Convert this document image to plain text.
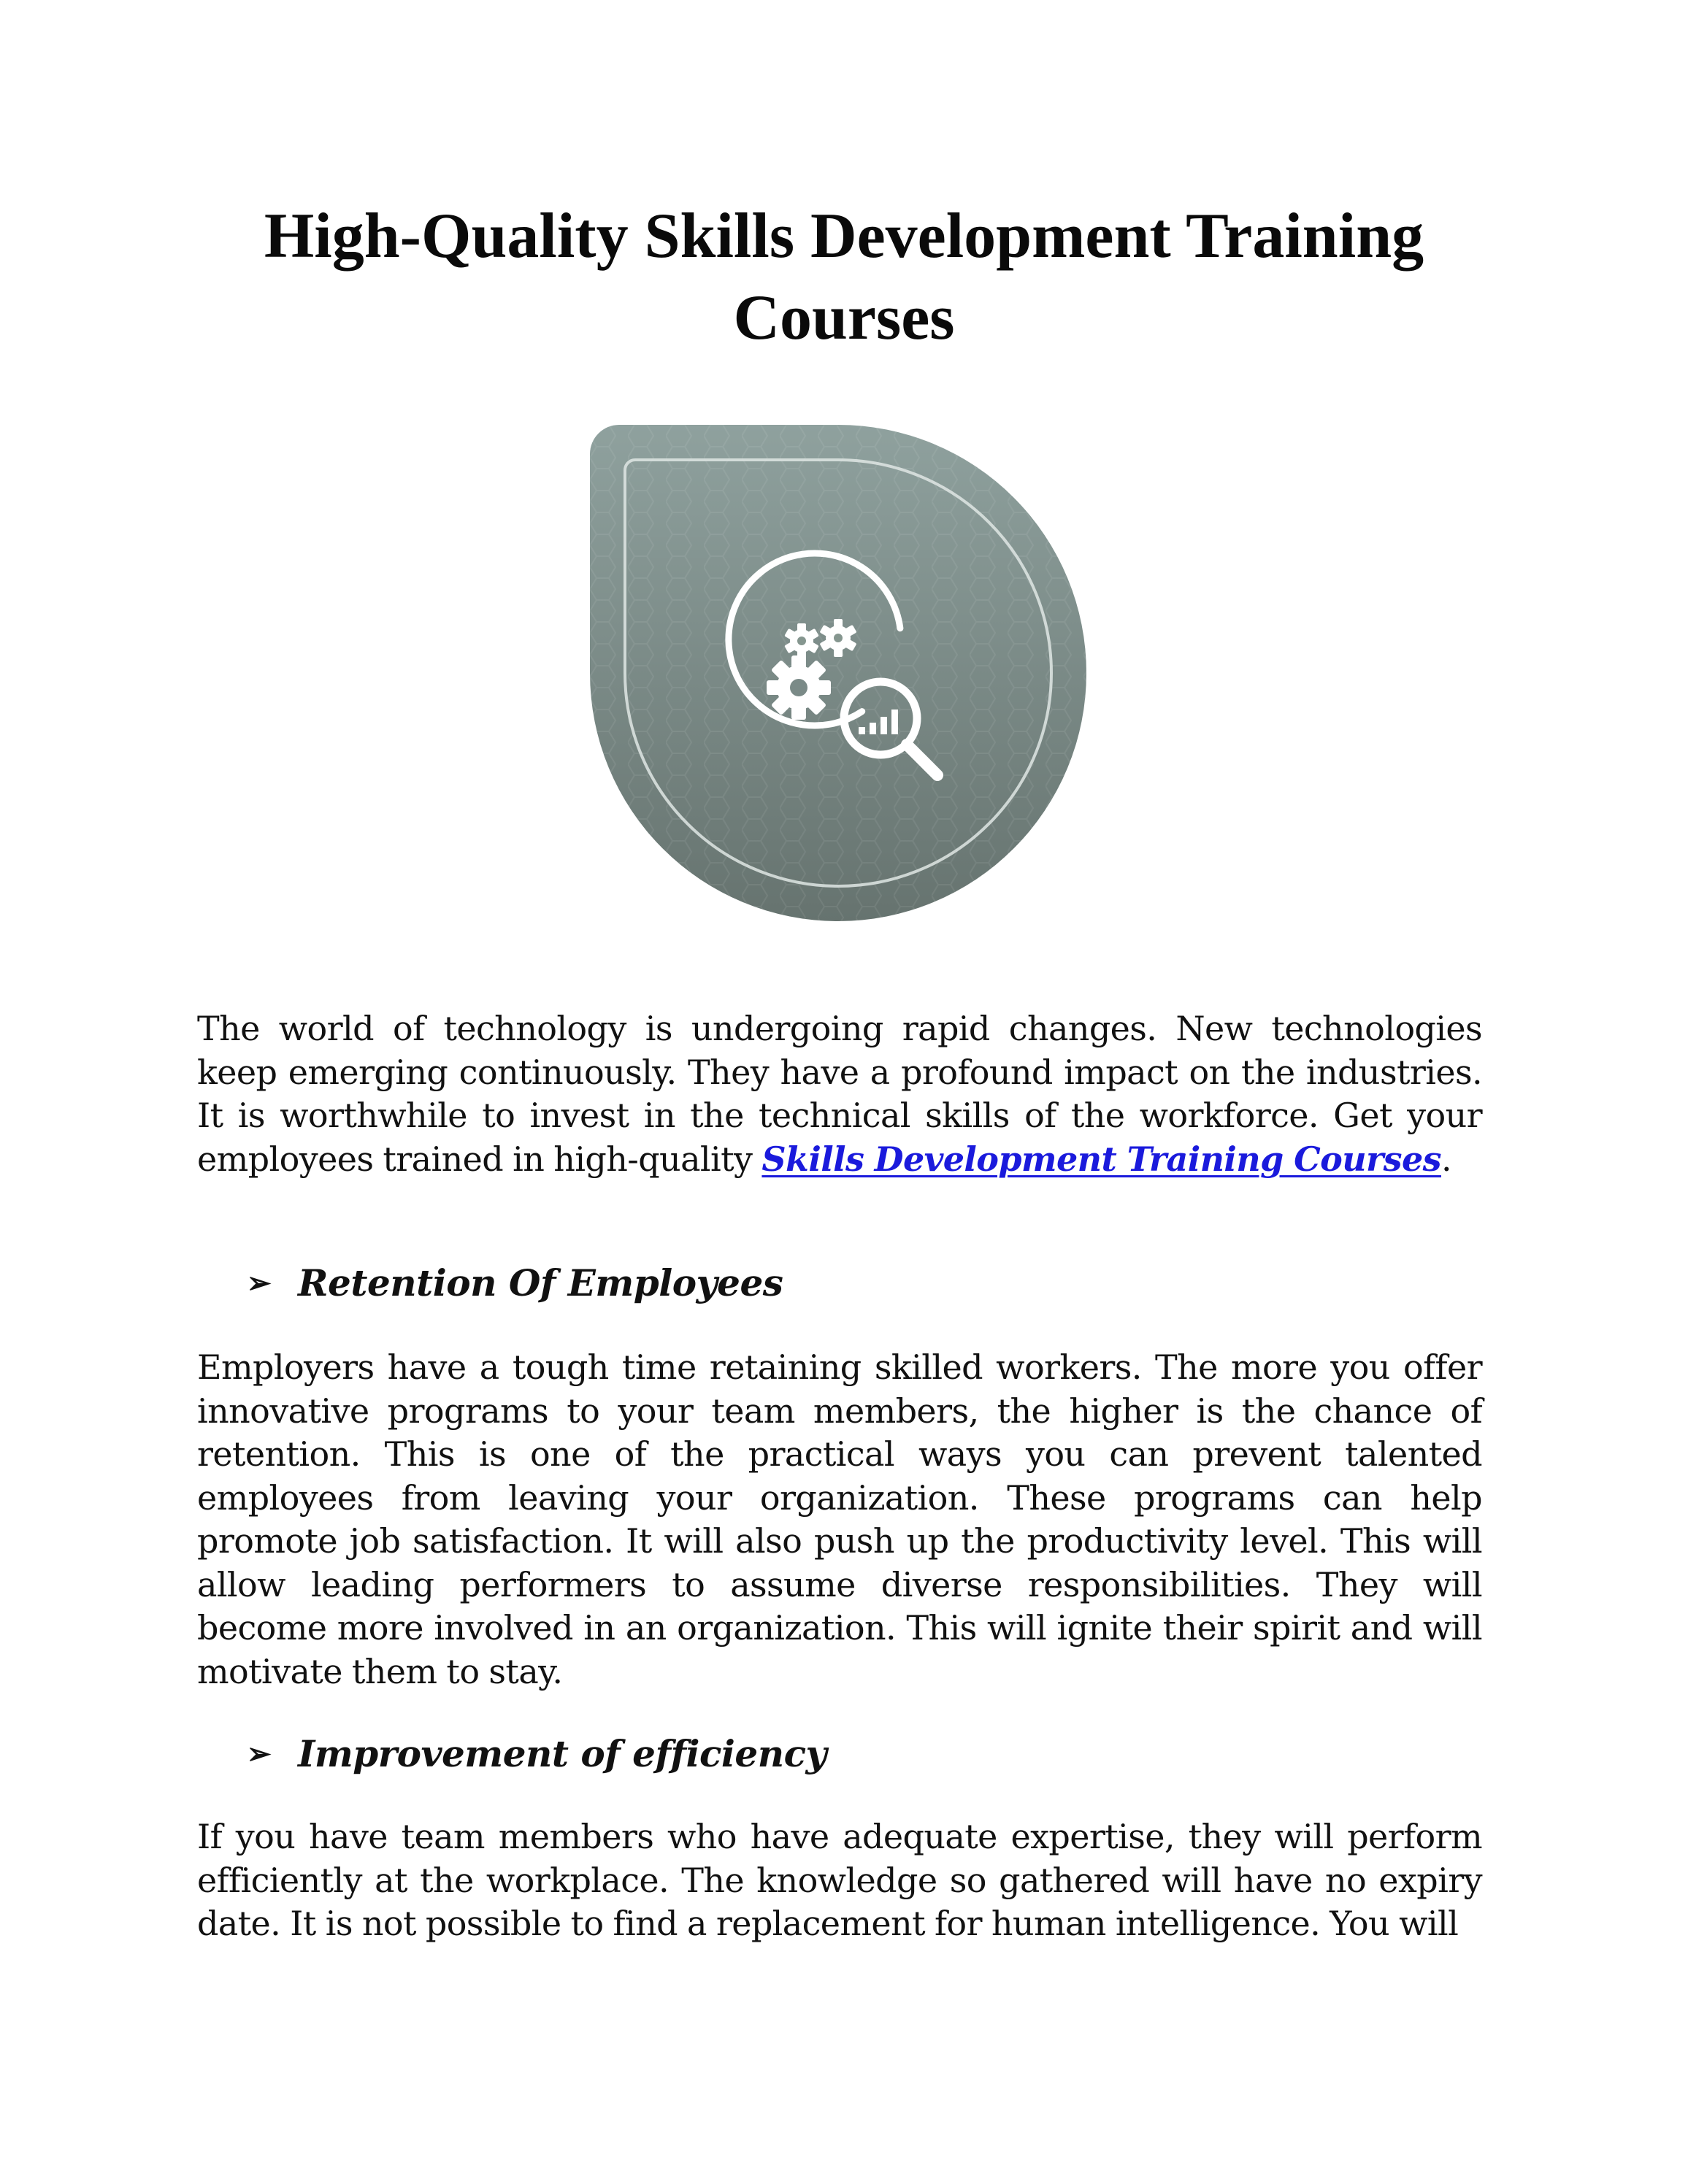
High-Quality Skills Development Training Courses

The world of technology is undergoing rapid changes. New technologies keep emerging continuously. They have a profound impact on the industries. It is worthwhile to invest in the technical skills of the workforce. Get your employees trained in high-quality Skills Development Training Courses.

➢ Retention Of Employees

Employers have a tough time retaining skilled workers. The more you offer innovative programs to your team members, the higher is the chance of retention. This is one of the practical ways you can prevent talented employees from leaving your organization. These programs can help promote job satisfaction. It will also push up the productivity level. This will allow leading performers to assume diverse responsibilities. They will become more involved in an organization. This will ignite their spirit and will motivate them to stay.

➢ Improvement of efficiency

If you have team members who have adequate expertise, they will perform efficiently at the workplace. The knowledge so gathered will have no expiry date. It is not possible to find a replacement for human intelligence. You will
